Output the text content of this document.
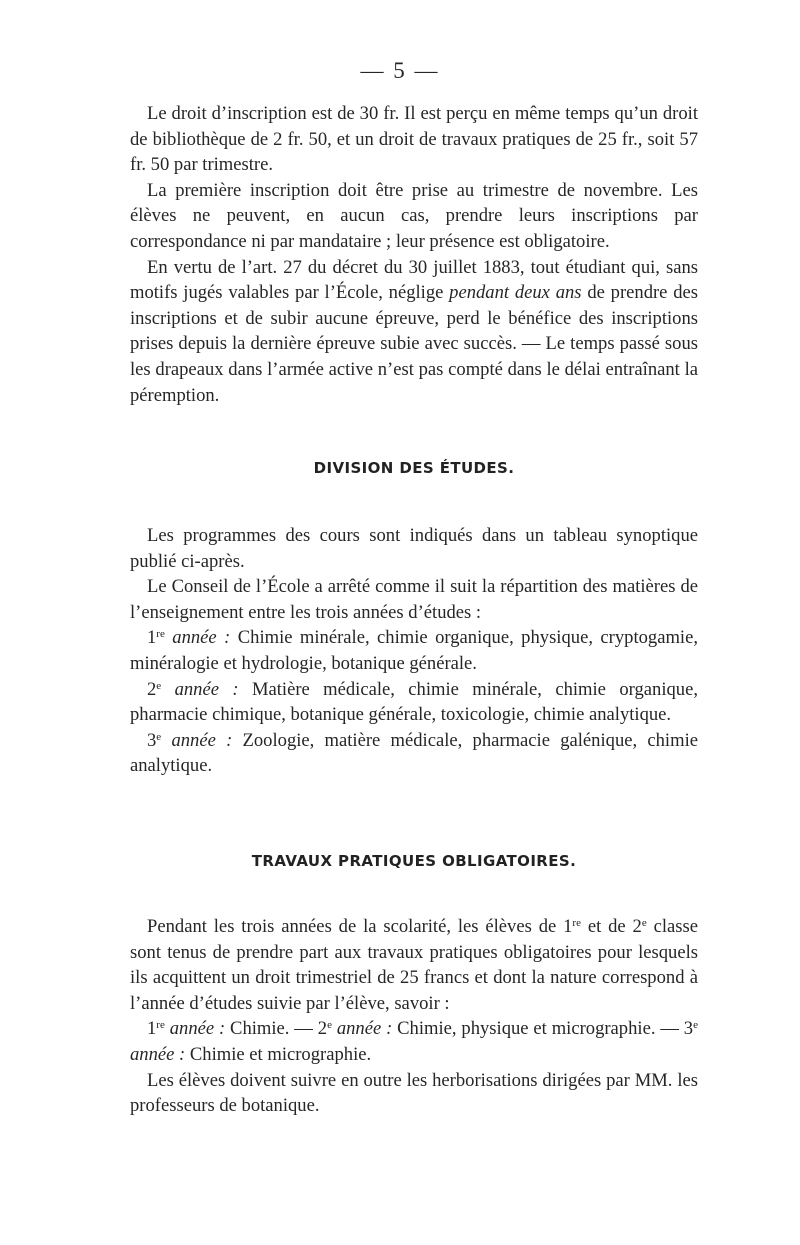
— 5 —

Le droit d’inscription est de 30 fr. Il est perçu en même temps qu’un droit de bibliothèque de 2 fr. 50, et un droit de travaux pratiques de 25 fr., soit 57 fr. 50 par trimestre.

La première inscription doit être prise au trimestre de novembre. Les élèves ne peuvent, en aucun cas, prendre leurs inscriptions par correspondance ni par mandataire ; leur présence est obligatoire.

En vertu de l’art. 27 du décret du 30 juillet 1883, tout étudiant qui, sans motifs jugés valables par l’École, néglige pendant deux ans de prendre des inscriptions et de subir aucune épreuve, perd le bénéfice des inscriptions prises depuis la dernière épreuve subie avec succès. — Le temps passé sous les drapeaux dans l’armée active n’est pas compté dans le délai entraînant la péremption.

DIVISION DES ÉTUDES.

Les programmes des cours sont indiqués dans un tableau synoptique publié ci-après.

Le Conseil de l’École a arrêté comme il suit la répartition des matières de l’enseignement entre les trois années d’études :

1re année : Chimie minérale, chimie organique, physique, cryptogamie, minéralogie et hydrologie, botanique générale.

2e année : Matière médicale, chimie minérale, chimie organique, pharmacie chimique, botanique générale, toxicologie, chimie analytique.

3e année : Zoologie, matière médicale, pharmacie galénique, chimie analytique.

TRAVAUX PRATIQUES OBLIGATOIRES.

Pendant les trois années de la scolarité, les élèves de 1re et de 2e classe sont tenus de prendre part aux travaux pratiques obligatoires pour lesquels ils acquittent un droit trimestriel de 25 francs et dont la nature correspond à l’année d’études suivie par l’élève, savoir :

1re année : Chimie. — 2e année : Chimie, physique et micrographie. — 3e année : Chimie et micrographie.

Les élèves doivent suivre en outre les herborisations dirigées par MM. les professeurs de botanique.
